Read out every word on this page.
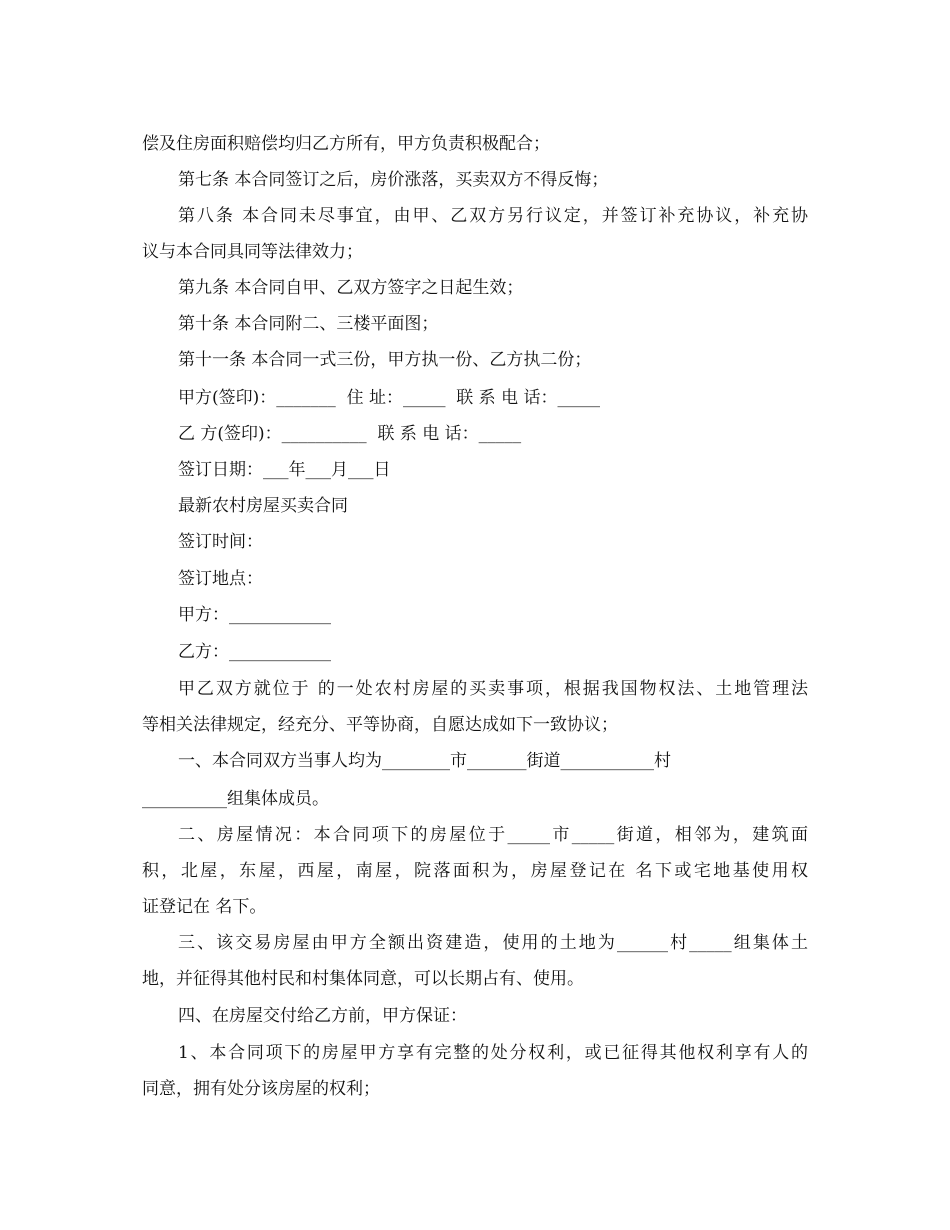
偿及住房面积赔偿均归乙方所有，甲方负责积极配合；
第七条 本合同签订之后，房价涨落，买卖双方不得反悔；
第八条 本合同未尽事宜，由甲、乙双方另行议定，并签订补充协议，补充协
议与本合同具同等法律效力；
第九条 本合同自甲、乙双方签字之日起生效；
第十条 本合同附二、三楼平面图；
第十一条 本合同一式三份，甲方执一份、乙方执二份；
甲方(签印)：_______  住 址：_____  联 系 电 话：_____
乙 方(签印)：__________  联 系 电 话：_____
签订日期：___年___月___日
最新农村房屋买卖合同
签订时间：
签订地点：
甲方：____________
乙方：____________
甲乙双方就位于 的一处农村房屋的买卖事项，根据我国物权法、土地管理法
等相关法律规定，经充分、平等协商，自愿达成如下一致协议；
一、本合同双方当事人均为________市_______街道___________村
__________组集体成员。
二、房屋情况：本合同项下的房屋位于_____市_____街道，相邻为，建筑面
积，北屋，东屋，西屋，南屋，院落面积为，房屋登记在 名下或宅地基使用权
证登记在 名下。
三、该交易房屋由甲方全额出资建造，使用的土地为______村_____组集体土
地，并征得其他村民和村集体同意，可以长期占有、使用。
四、在房屋交付给乙方前，甲方保证：
1、本合同项下的房屋甲方享有完整的处分权利，或已征得其他权利享有人的
同意，拥有处分该房屋的权利；
